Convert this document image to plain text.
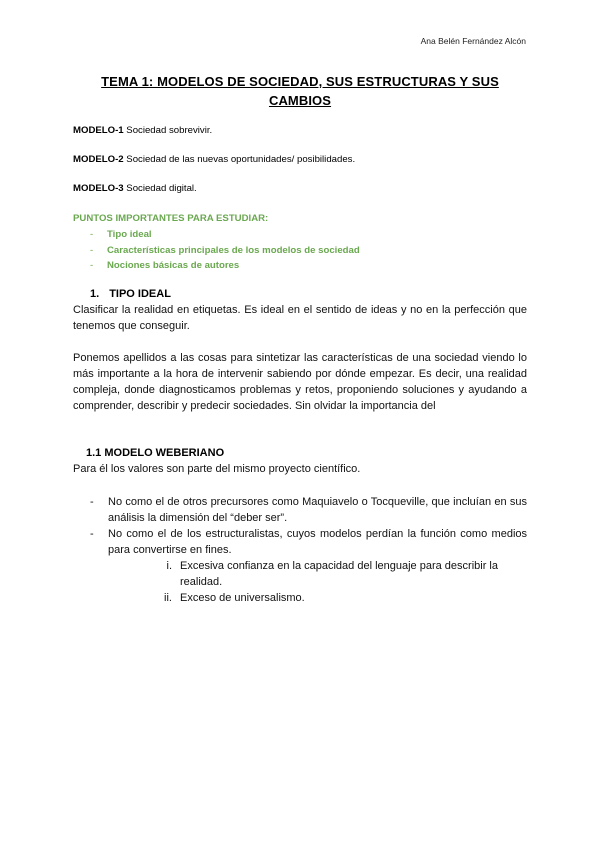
Ana Belén Fernández Alcón
TEMA 1: MODELOS DE SOCIEDAD, SUS ESTRUCTURAS Y SUS CAMBIOS
MODELO-1 Sociedad sobrevivir.
MODELO-2 Sociedad de las nuevas oportunidades/ posibilidades.
MODELO-3 Sociedad digital.
PUNTOS IMPORTANTES PARA ESTUDIAR:
- Tipo ideal
- Características principales de los modelos de sociedad
- Nociones básicas de autores
1. TIPO IDEAL
Clasificar la realidad en etiquetas. Es ideal en el sentido de ideas y no en la perfección que tenemos que conseguir.
Ponemos apellidos a las cosas para sintetizar las características de una sociedad viendo lo más importante a la hora de intervenir sabiendo por dónde empezar. Es decir, una realidad compleja, donde diagnosticamos problemas y retos, proponiendo soluciones y ayudando a comprender, describir y predecir sociedades. Sin olvidar la importancia del
1.1 MODELO WEBERIANO
Para él los valores son parte del mismo proyecto científico.
- No como el de otros precursores como Maquiavelo o Tocqueville, que incluían en sus análisis la dimensión del “deber ser”.
- No como el de los estructuralistas, cuyos modelos perdían la función como medios para convertirse en fines.
i. Excesiva confianza en la capacidad del lenguaje para describir la realidad.
ii. Exceso de universalismo.
